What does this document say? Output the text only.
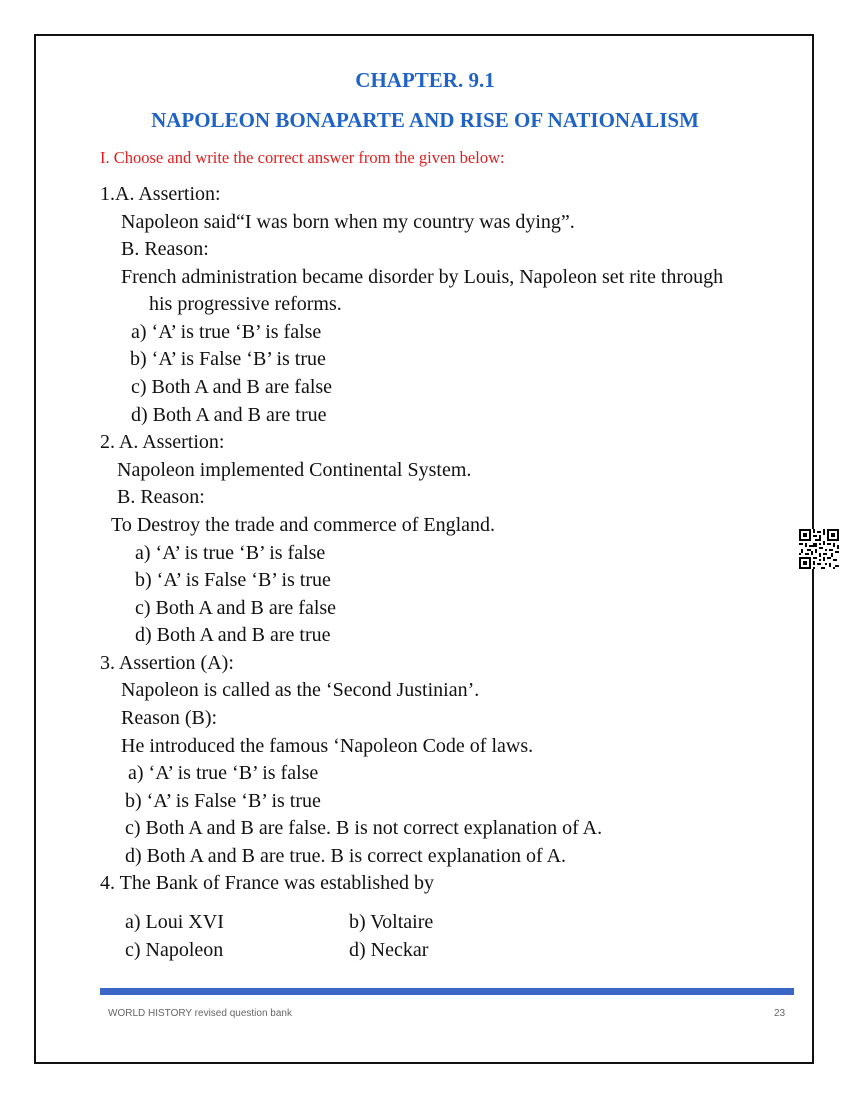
CHAPTER. 9.1
NAPOLEON BONAPARTE AND RISE OF NATIONALISM
I. Choose and write the correct answer from the given below:
1.A. Assertion:
Napoleon said“I was born when my country was dying”.
B. Reason:
French administration became disorder by Louis, Napoleon set rite through
his progressive reforms.
a) ‘A’ is true ‘B’ is false
b) ‘A’ is False ‘B’ is true
c) Both A and B are false
d) Both A and B are true
2. A. Assertion:
Napoleon implemented Continental System.
B. Reason:
To Destroy the trade and commerce of England.
a) ‘A’ is true ‘B’ is false
b) ‘A’ is False ‘B’ is true
c) Both A and B are false
d) Both A and B are true
3. Assertion (A):
Napoleon is called as the ‘Second Justinian’.
Reason (B):
He introduced the famous ‘Napoleon Code of laws.
a) ‘A’ is true ‘B’ is false
b) ‘A’ is False ‘B’ is true
c) Both A and B are false. B is not correct explanation of A.
d) Both A and B are true. B is correct explanation of A.
4. The Bank of France was established by
a) Loui XVI	b) Voltaire
c) Napoleon	d) Neckar
WORLD HISTORY revised question bank	23
